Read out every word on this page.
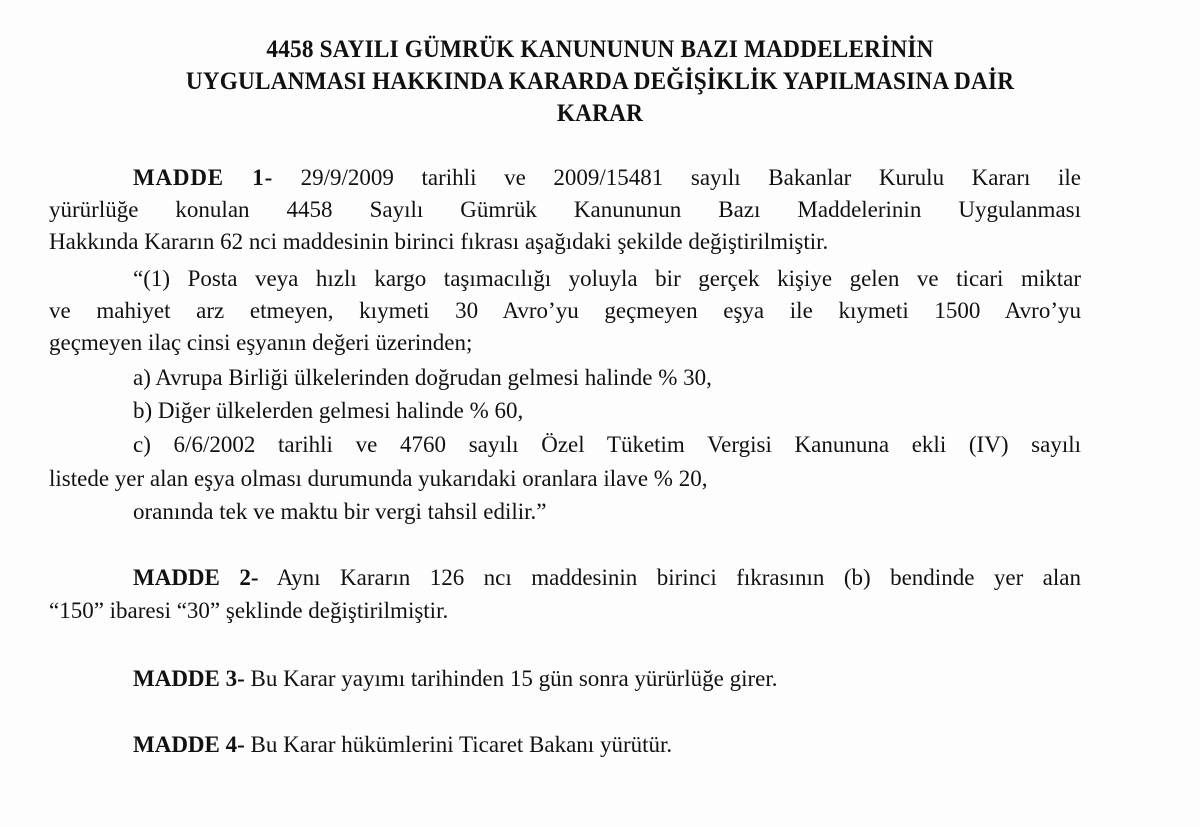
4458 SAYILI GÜMRÜK KANUNUNUN BAZI MADDELERİNİN
UYGULANMASI HAKKINDA KARARDA DEĞİŞİKLİK YAPILMASINA DAİR
KARAR
MADDE 1- 29/9/2009 tarihli ve 2009/15481 sayılı Bakanlar Kurulu Kararı ile
yürürlüğe konulan 4458 Sayılı Gümrük Kanununun Bazı Maddelerinin Uygulanması
Hakkında Kararın 62 nci maddesinin birinci fıkrası aşağıdaki şekilde değiştirilmiştir.
“(1) Posta veya hızlı kargo taşımacılığı yoluyla bir gerçek kişiye gelen ve ticari miktar
ve mahiyet arz etmeyen, kıymeti 30 Avro’yu geçmeyen eşya ile kıymeti 1500 Avro’yu
geçmeyen ilaç cinsi eşyanın değeri üzerinden;
a) Avrupa Birliği ülkelerinden doğrudan gelmesi halinde % 30,
b) Diğer ülkelerden gelmesi halinde % 60,
c) 6/6/2002 tarihli ve 4760 sayılı Özel Tüketim Vergisi Kanununa ekli (IV) sayılı
listede yer alan eşya olması durumunda yukarıdaki oranlara ilave % 20,
oranında tek ve maktu bir vergi tahsil edilir.”
MADDE 2- Aynı Kararın 126 ncı maddesinin birinci fıkrasının (b) bendinde yer alan
“150” ibaresi “30” şeklinde değiştirilmiştir.
MADDE 3- Bu Karar yayımı tarihinden 15 gün sonra yürürlüğe girer.
MADDE 4- Bu Karar hükümlerini Ticaret Bakanı yürütür.
